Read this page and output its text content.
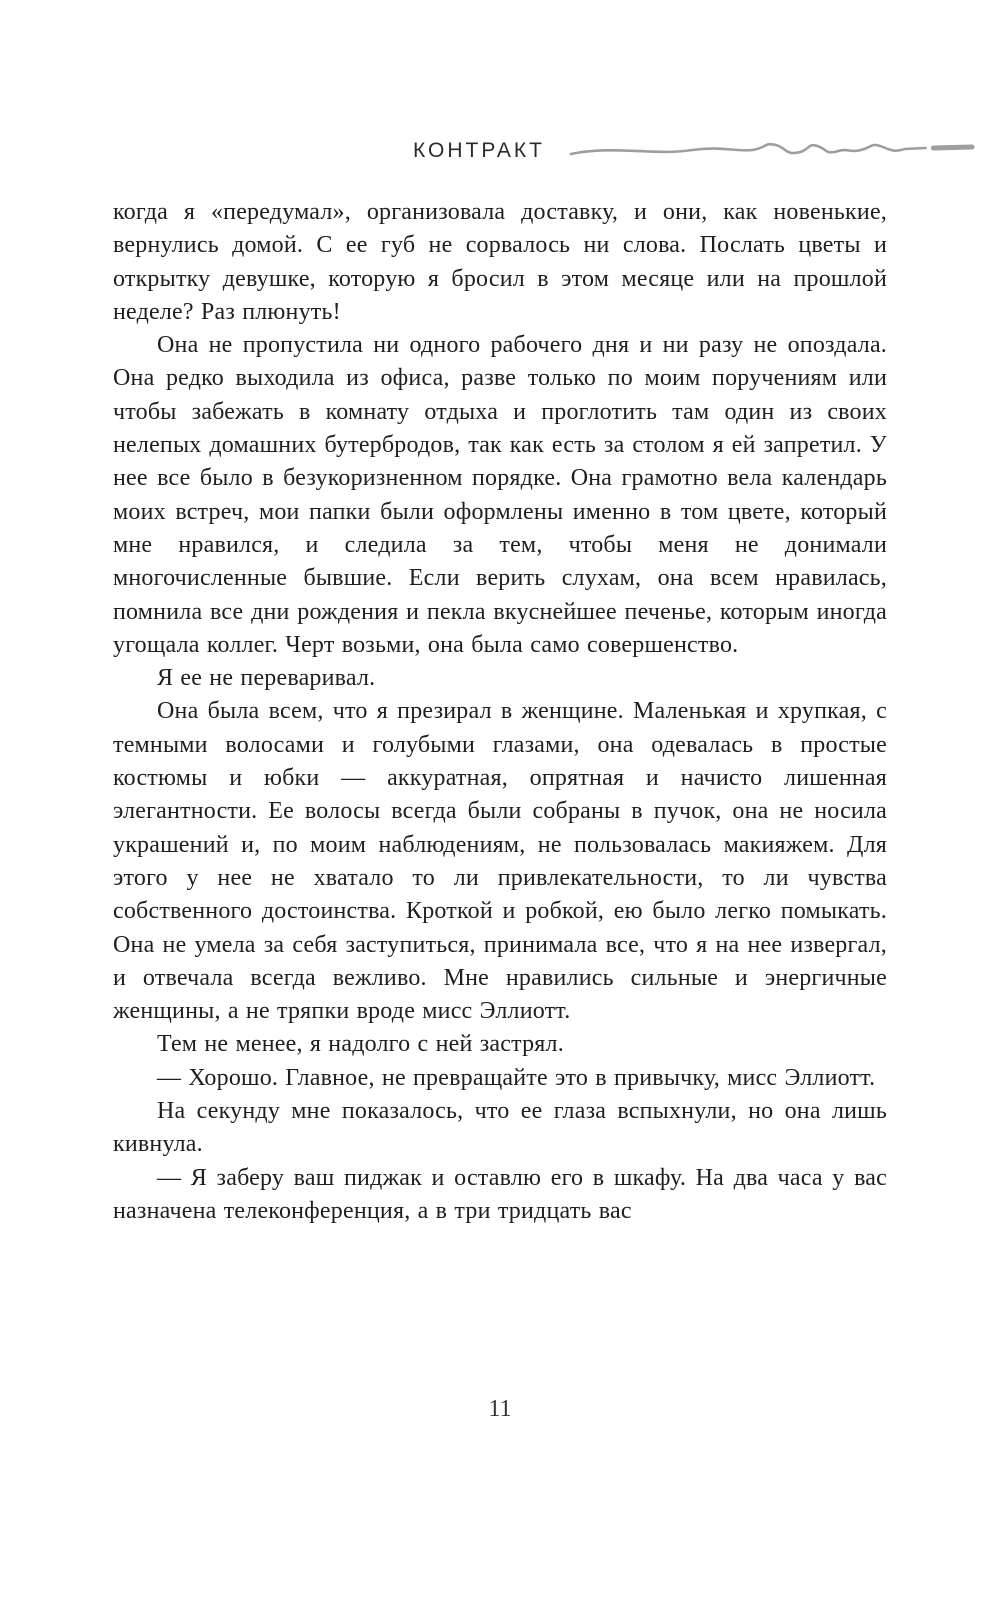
КОНТРАКТ

когда я «передумал», организовала доставку, и они, как новенькие, вернулись домой. С ее губ не сорвалось ни слова. Послать цветы и открытку девушке, которую я бросил в этом месяце или на прошлой неделе? Раз плюнуть!

Она не пропустила ни одного рабочего дня и ни разу не опоздала. Она редко выходила из офиса, разве только по моим поручениям или чтобы забежать в комнату отдыха и проглотить там один из своих нелепых домашних бутербродов, так как есть за столом я ей запретил. У нее все было в безукоризненном порядке. Она грамотно вела календарь моих встреч, мои папки были оформлены именно в том цвете, который мне нравился, и следила за тем, чтобы меня не донимали многочисленные бывшие. Если верить слухам, она всем нравилась, помнила все дни рождения и пекла вкуснейшее печенье, которым иногда угощала коллег. Черт возьми, она была само совершенство.

Я ее не переваривал.

Она была всем, что я презирал в женщине. Маленькая и хрупкая, с темными волосами и голубыми глазами, она одевалась в простые костюмы и юбки — аккуратная, опрятная и начисто лишенная элегантности. Ее волосы всегда были собраны в пучок, она не носила украшений и, по моим наблюдениям, не пользовалась макияжем. Для этого у нее не хватало то ли привлекательности, то ли чувства собственного достоинства. Кроткой и робкой, ею было легко помыкать. Она не умела за себя заступиться, принимала все, что я на нее извергал, и отвечала всегда вежливо. Мне нравились сильные и энергичные женщины, а не тряпки вроде мисс Эллиотт.

Тем не менее, я надолго с ней застрял.

— Хорошо. Главное, не превращайте это в привычку, мисс Эллиотт.

На секунду мне показалось, что ее глаза вспыхнули, но она лишь кивнула.

— Я заберу ваш пиджак и оставлю его в шкафу. На два часа у вас назначена телеконференция, а в три тридцать вас

11
